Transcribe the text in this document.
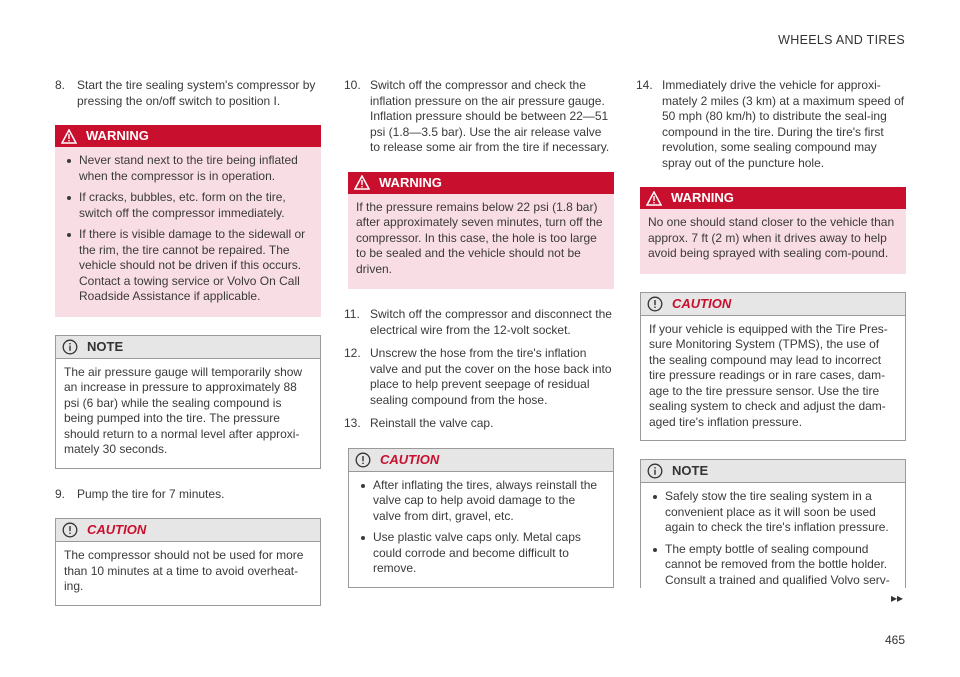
WHEELS AND TIRES
8. Start the tire sealing system's compressor by pressing the on/off switch to position I.
WARNING
Never stand next to the tire being inflated when the compressor is in operation.
If cracks, bubbles, etc. form on the tire, switch off the compressor immediately.
If there is visible damage to the sidewall or the rim, the tire cannot be repaired. The vehicle should not be driven if this occurs. Contact a towing service or Volvo On Call Roadside Assistance if applicable.
NOTE
The air pressure gauge will temporarily show an increase in pressure to approximately 88 psi (6 bar) while the sealing compound is being pumped into the tire. The pressure should return to a normal level after approxi-mately 30 seconds.
9. Pump the tire for 7 minutes.
CAUTION
The compressor should not be used for more than 10 minutes at a time to avoid overheat-ing.
10. Switch off the compressor and check the inflation pressure on the air pressure gauge. Inflation pressure should be between 22—51 psi (1.8—3.5 bar). Use the air release valve to release some air from the tire if necessary.
WARNING
If the pressure remains below 22 psi (1.8 bar) after approximately seven minutes, turn off the compressor. In this case, the hole is too large to be sealed and the vehicle should not be driven.
11. Switch off the compressor and disconnect the electrical wire from the 12-volt socket.
12. Unscrew the hose from the tire's inflation valve and put the cover on the hose back into place to help prevent seepage of residual sealing compound from the hose.
13. Reinstall the valve cap.
CAUTION
After inflating the tires, always reinstall the valve cap to help avoid damage to the valve from dirt, gravel, etc.
Use plastic valve caps only. Metal caps could corrode and become difficult to remove.
14. Immediately drive the vehicle for approxi-mately 2 miles (3 km) at a maximum speed of 50 mph (80 km/h) to distribute the seal-ing compound in the tire. During the tire's first revolution, some sealing compound may spray out of the puncture hole.
WARNING
No one should stand closer to the vehicle than approx. 7 ft (2 m) when it drives away to help avoid being sprayed with sealing com-pound.
CAUTION
If your vehicle is equipped with the Tire Pres-sure Monitoring System (TPMS), the use of the sealing compound may lead to incorrect tire pressure readings or in rare cases, dam-age to the tire pressure sensor. Use the tire sealing system to check and adjust the dam-aged tire's inflation pressure.
NOTE
Safely stow the tire sealing system in a convenient place as it will soon be used again to check the tire's inflation pressure.
The empty bottle of sealing compound cannot be removed from the bottle holder. Consult a trained and qualified Volvo serv-
▸▸
465
